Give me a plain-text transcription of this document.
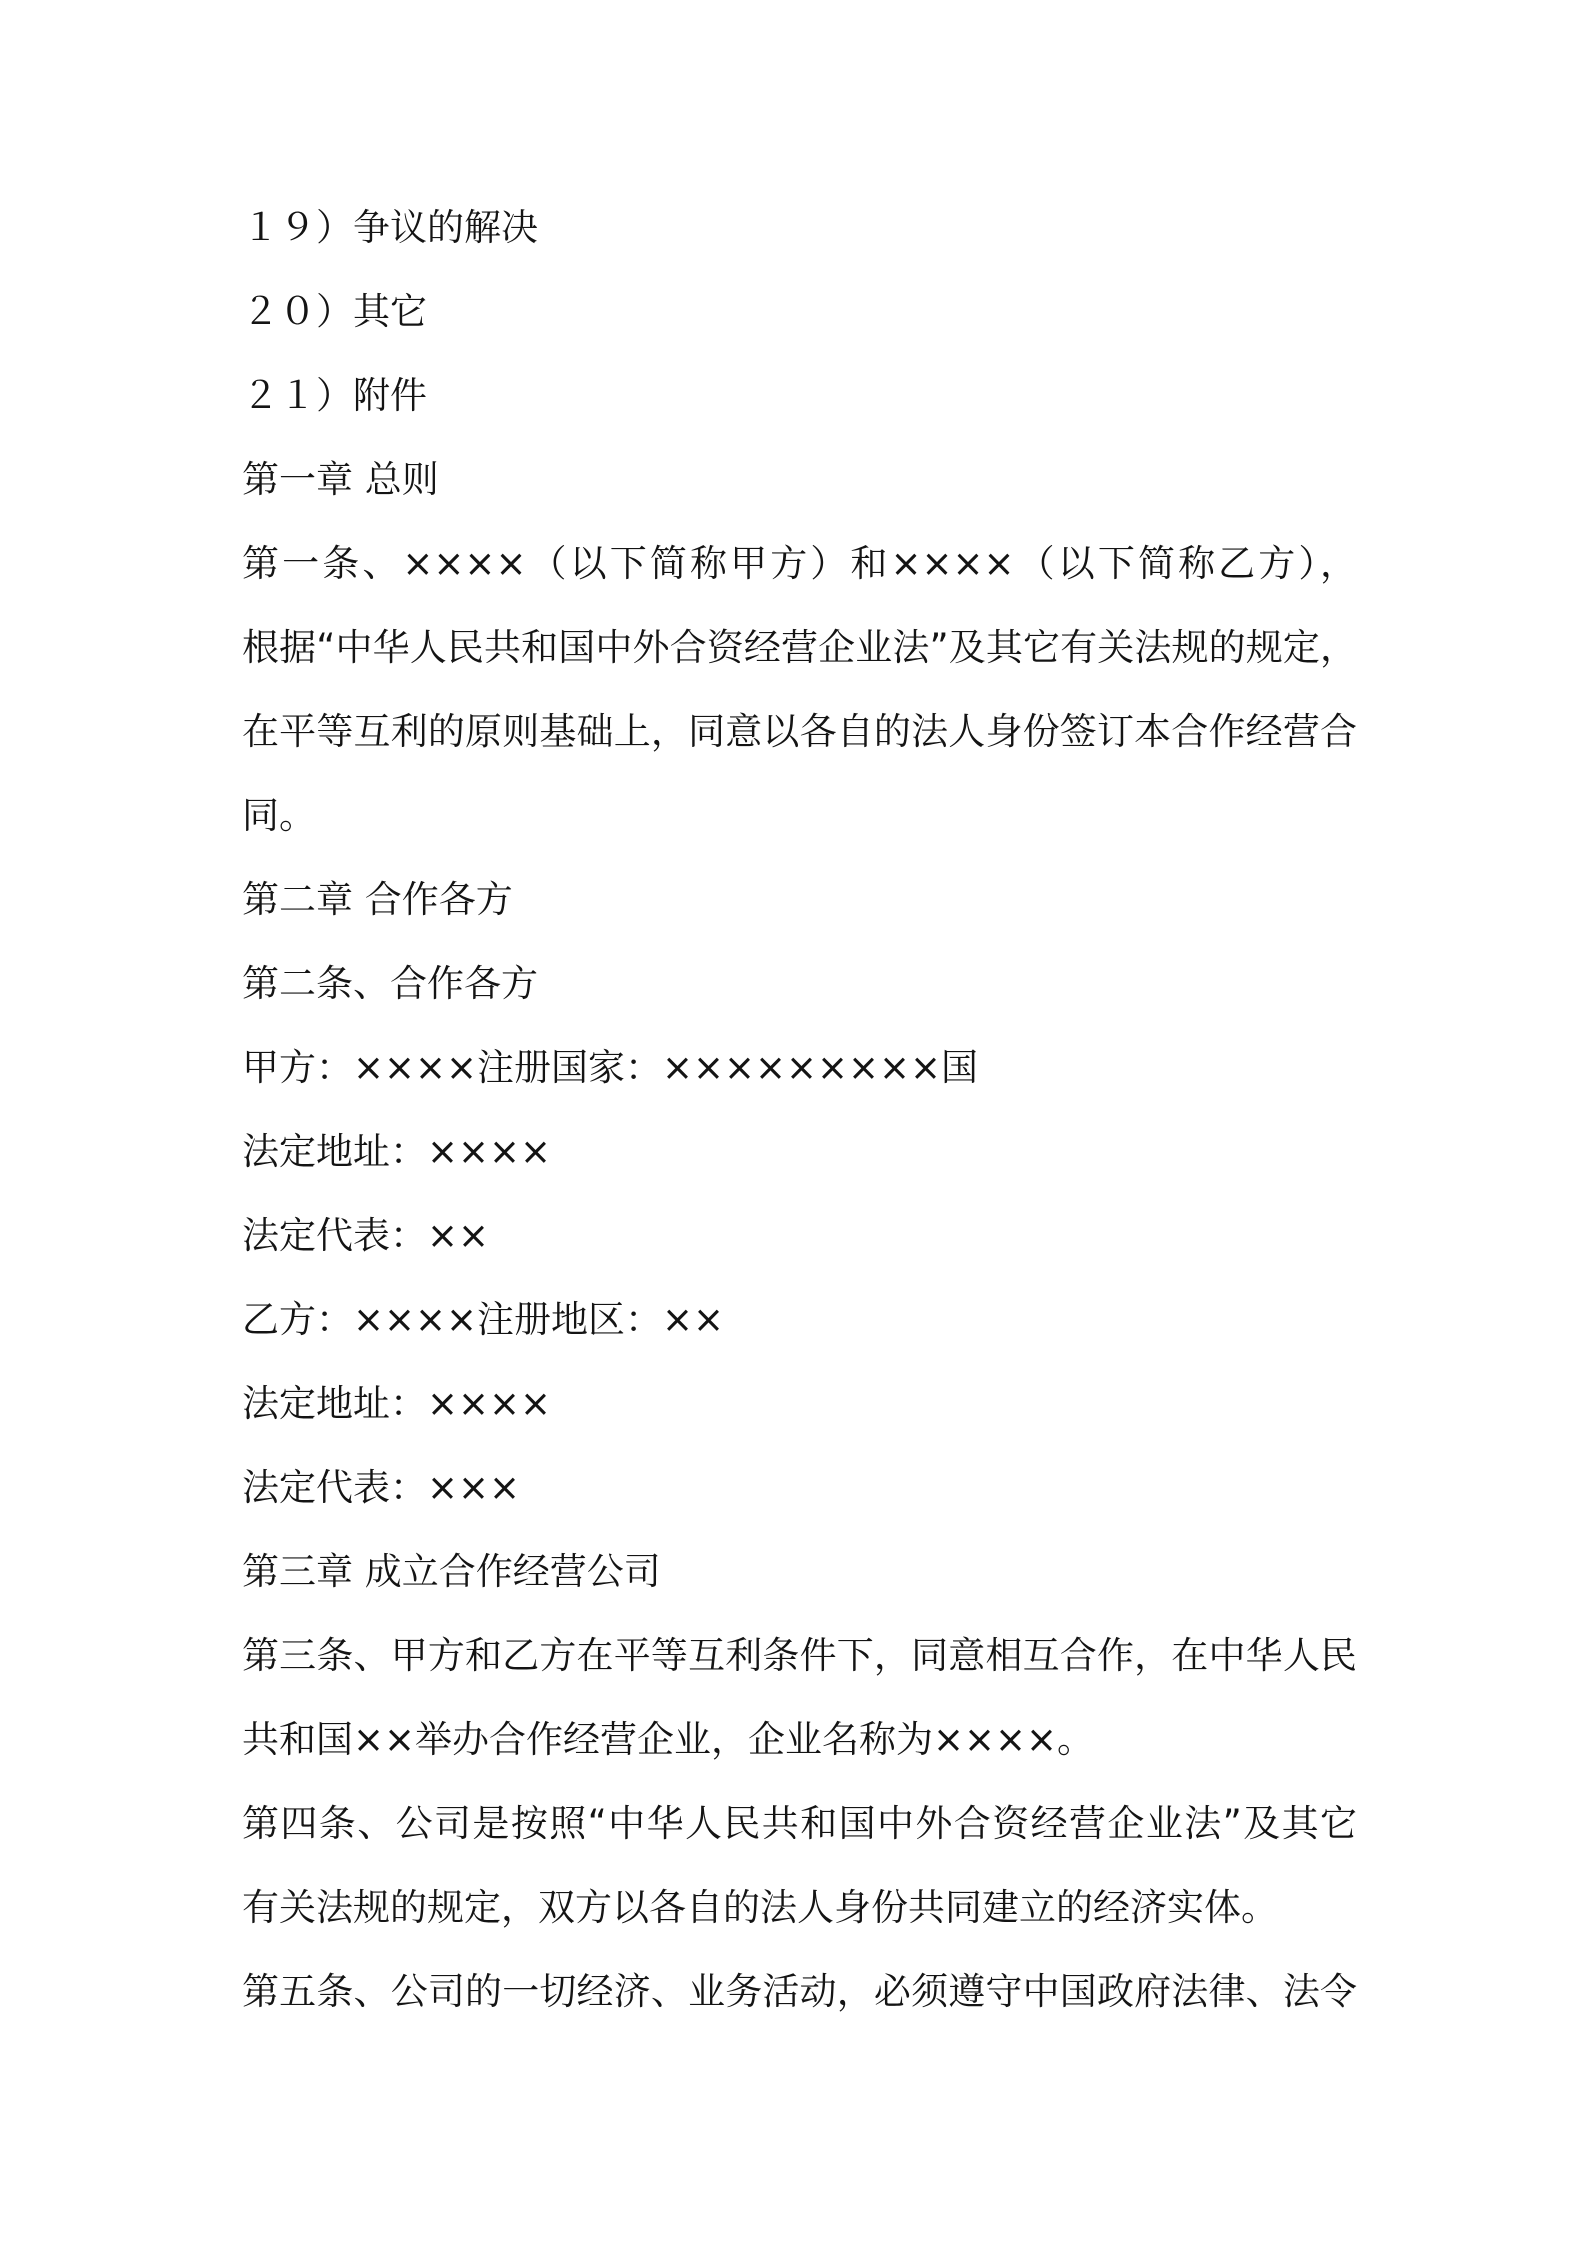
１９）争议的解决
２０）其它
２１）附件
第一章 总则
第一条、××××（以下简称甲方）和××××（以下简称乙方），
根据“中华人民共和国中外合资经营企业法”及其它有关法规的规定，
在平等互利的原则基础上，同意以各自的法人身份签订本合作经营合
同。
第二章 合作各方
第二条、合作各方
甲方：××××注册国家：×××××××××国
法定地址：××××
法定代表：××
乙方：××××注册地区：××
法定地址：××××
法定代表：×××
第三章 成立合作经营公司
第三条、甲方和乙方在平等互利条件下，同意相互合作，在中华人民
共和国××举办合作经营企业，企业名称为××××。
第四条、公司是按照“中华人民共和国中外合资经营企业法”及其它
有关法规的规定，双方以各自的法人身份共同建立的经济实体。
第五条、公司的一切经济、业务活动，必须遵守中国政府法律、法令
